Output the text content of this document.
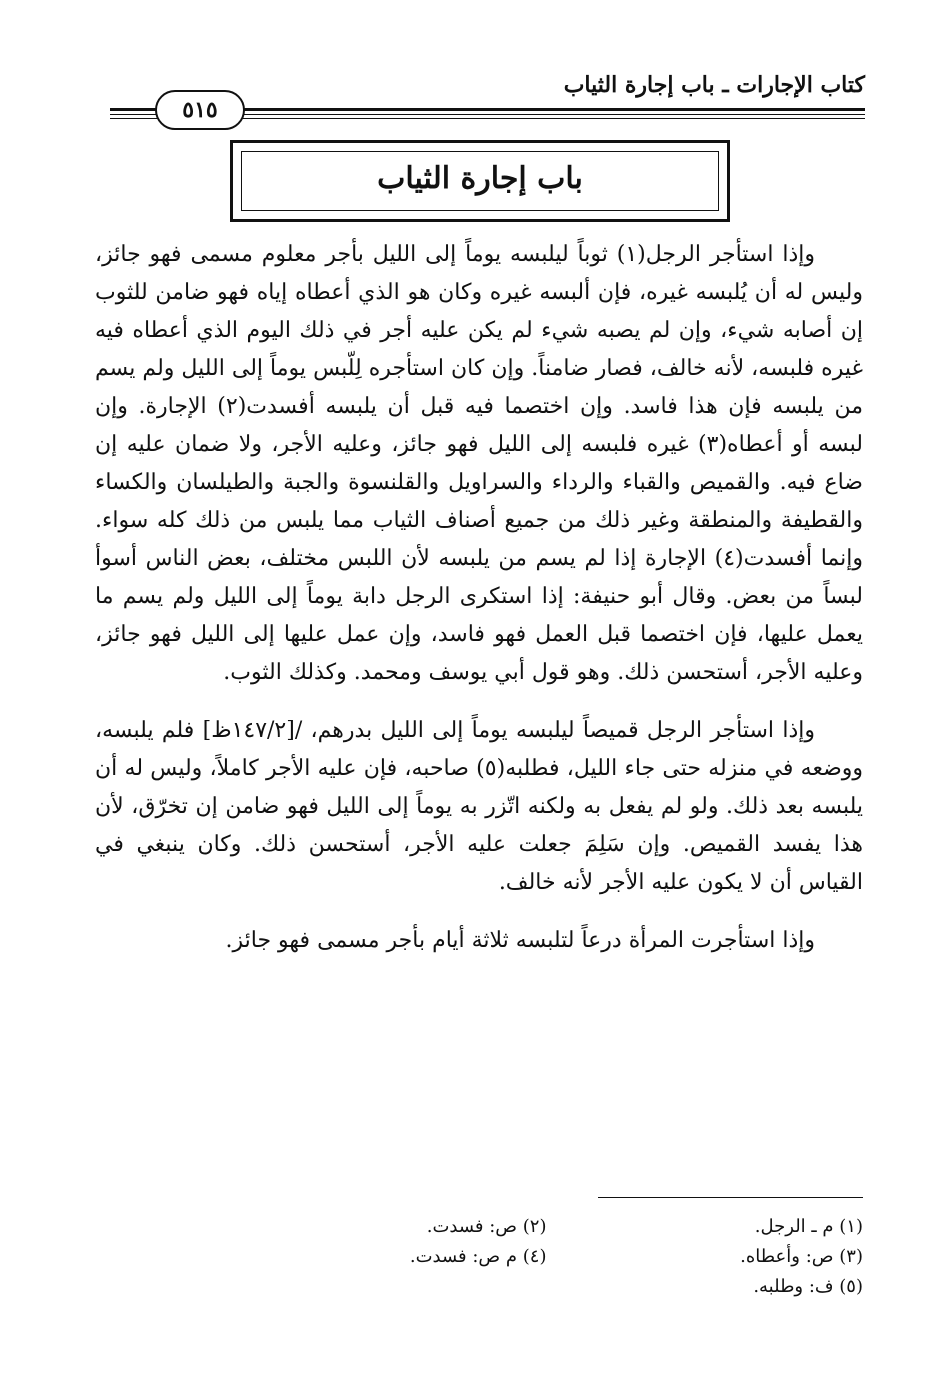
كتاب الإجارات ـ باب إجارة الثياب
٥١٥
باب إجارة الثياب

وإذا استأجر الرجل(١) ثوباً ليلبسه يوماً إلى الليل بأجر معلوم مسمى فهو جائز، وليس له أن يُلبسه غيره، فإن ألبسه غيره وكان هو الذي أعطاه إياه فهو ضامن للثوب إن أصابه شيء، وإن لم يصبه شيء لم يكن عليه أجر في ذلك اليوم الذي أعطاه فيه غيره فلبسه، لأنه خالف، فصار ضامناً. وإن كان استأجره لِلّبس يوماً إلى الليل ولم يسم من يلبسه فإن هذا فاسد. وإن اختصما فيه قبل أن يلبسه أفسدت(٢) الإجارة. وإن لبسه أو أعطاه(٣) غيره فلبسه إلى الليل فهو جائز، وعليه الأجر، ولا ضمان عليه إن ضاع فيه. والقميص والقباء والرداء والسراويل والقلنسوة والجبة والطيلسان والكساء والقطيفة والمنطقة وغير ذلك من جميع أصناف الثياب مما يلبس من ذلك كله سواء. وإنما أفسدت(٤) الإجارة إذا لم يسم من يلبسه لأن اللبس مختلف، بعض الناس أسوأ لبساً من بعض. وقال أبو حنيفة: إذا استكرى الرجل دابة يوماً إلى الليل ولم يسم ما يعمل عليها، فإن اختصما قبل العمل فهو فاسد، وإن عمل عليها إلى الليل فهو جائز، وعليه الأجر، أستحسن ذلك. وهو قول أبي يوسف ومحمد. وكذلك الثوب.

وإذا استأجر الرجل قميصاً ليلبسه يوماً إلى الليل بدرهم، /[١٤٧/٢ظ] فلم يلبسه، ووضعه في منزله حتى جاء الليل، فطلبه(٥) صاحبه، فإن عليه الأجر كاملاً، وليس له أن يلبسه بعد ذلك. ولو لم يفعل به ولكنه اتّزر به يوماً إلى الليل فهو ضامن إن تخرّق، لأن هذا يفسد القميص. وإن سَلِمَ جعلت عليه الأجر، أستحسن ذلك. وكان ينبغي في القياس أن لا يكون عليه الأجر لأنه خالف.

وإذا استأجرت المرأة درعاً لتلبسه ثلاثة أيام بأجر مسمى فهو جائز.

(١) م ـ الرجل.
(٢) ص: فسدت.
(٣) ص: وأعطاه.
(٤) م ص: فسدت.
(٥) ف: وطلبه.
